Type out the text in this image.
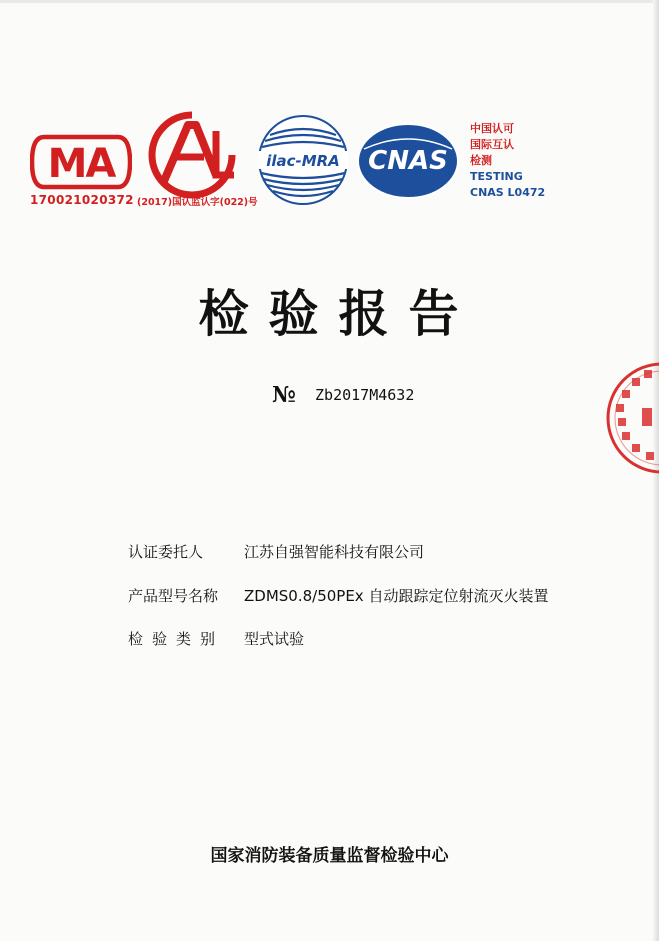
MA
170021020372
CAL
(2017)国认监认字(022)号
ilac-MRA CNAS
中国认可
国际互认
检测
TESTING
CNAS L0472
检验报告
№ Zb2017M4632
认证委托人	江苏自强智能科技有限公司
产品型号名称 ZDMS0.8/50PEx 自动跟踪定位射流灭火装置
检验类别 型式试验
国家消防装备质量监督检验中心
